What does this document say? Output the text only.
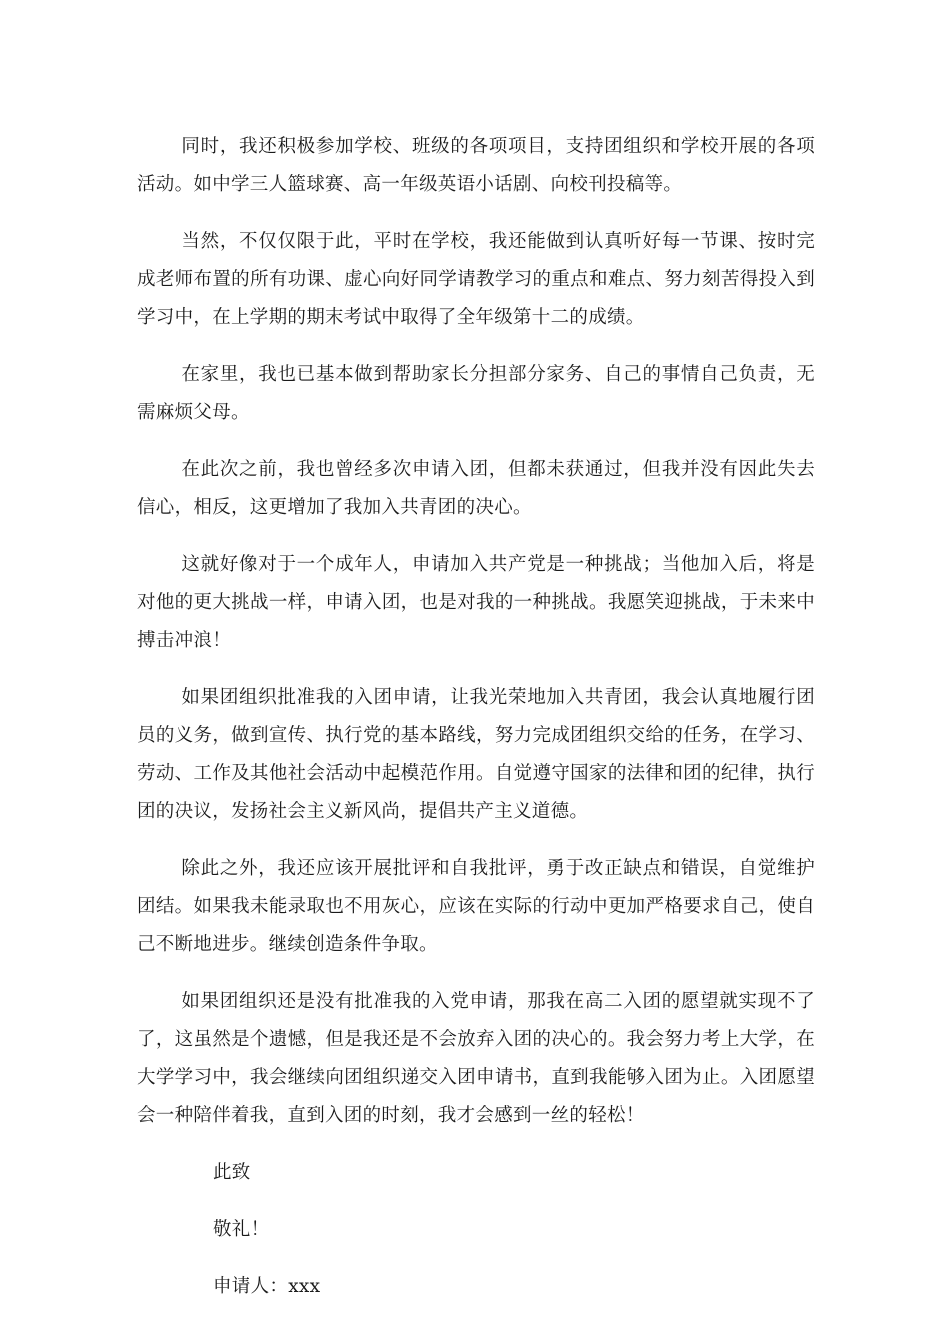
同时，我还积极参加学校、班级的各项项目，支持团组织和学校开展的各项活动。如中学三人篮球赛、高一年级英语小话剧、向校刊投稿等。

当然，不仅仅限于此，平时在学校，我还能做到认真听好每一节课、按时完成老师布置的所有功课、虚心向好同学请教学习的重点和难点、努力刻苦得投入到学习中，在上学期的期末考试中取得了全年级第十二的成绩。

在家里，我也已基本做到帮助家长分担部分家务、自己的事情自己负责，无需麻烦父母。

在此次之前，我也曾经多次申请入团，但都未获通过，但我并没有因此失去信心，相反，这更增加了我加入共青团的决心。

这就好像对于一个成年人，申请加入共产党是一种挑战；当他加入后，将是对他的更大挑战一样，申请入团，也是对我的一种挑战。我愿笑迎挑战，于未来中搏击冲浪！

如果团组织批准我的入团申请，让我光荣地加入共青团，我会认真地履行团员的义务，做到宣传、执行党的基本路线，努力完成团组织交给的任务，在学习、劳动、工作及其他社会活动中起模范作用。自觉遵守国家的法律和团的纪律，执行团的决议，发扬社会主义新风尚，提倡共产主义道德。

除此之外，我还应该开展批评和自我批评，勇于改正缺点和错误，自觉维护团结。如果我未能录取也不用灰心，应该在实际的行动中更加严格要求自己，使自己不断地进步。继续创造条件争取。

如果团组织还是没有批准我的入党申请，那我在高二入团的愿望就实现不了了，这虽然是个遗憾，但是我还是不会放弃入团的决心的。我会努力考上大学，在大学学习中，我会继续向团组织递交入团申请书，直到我能够入团为止。入团愿望会一种陪伴着我，直到入团的时刻，我才会感到一丝的轻松！

此致

敬礼！

申请人：xxx
